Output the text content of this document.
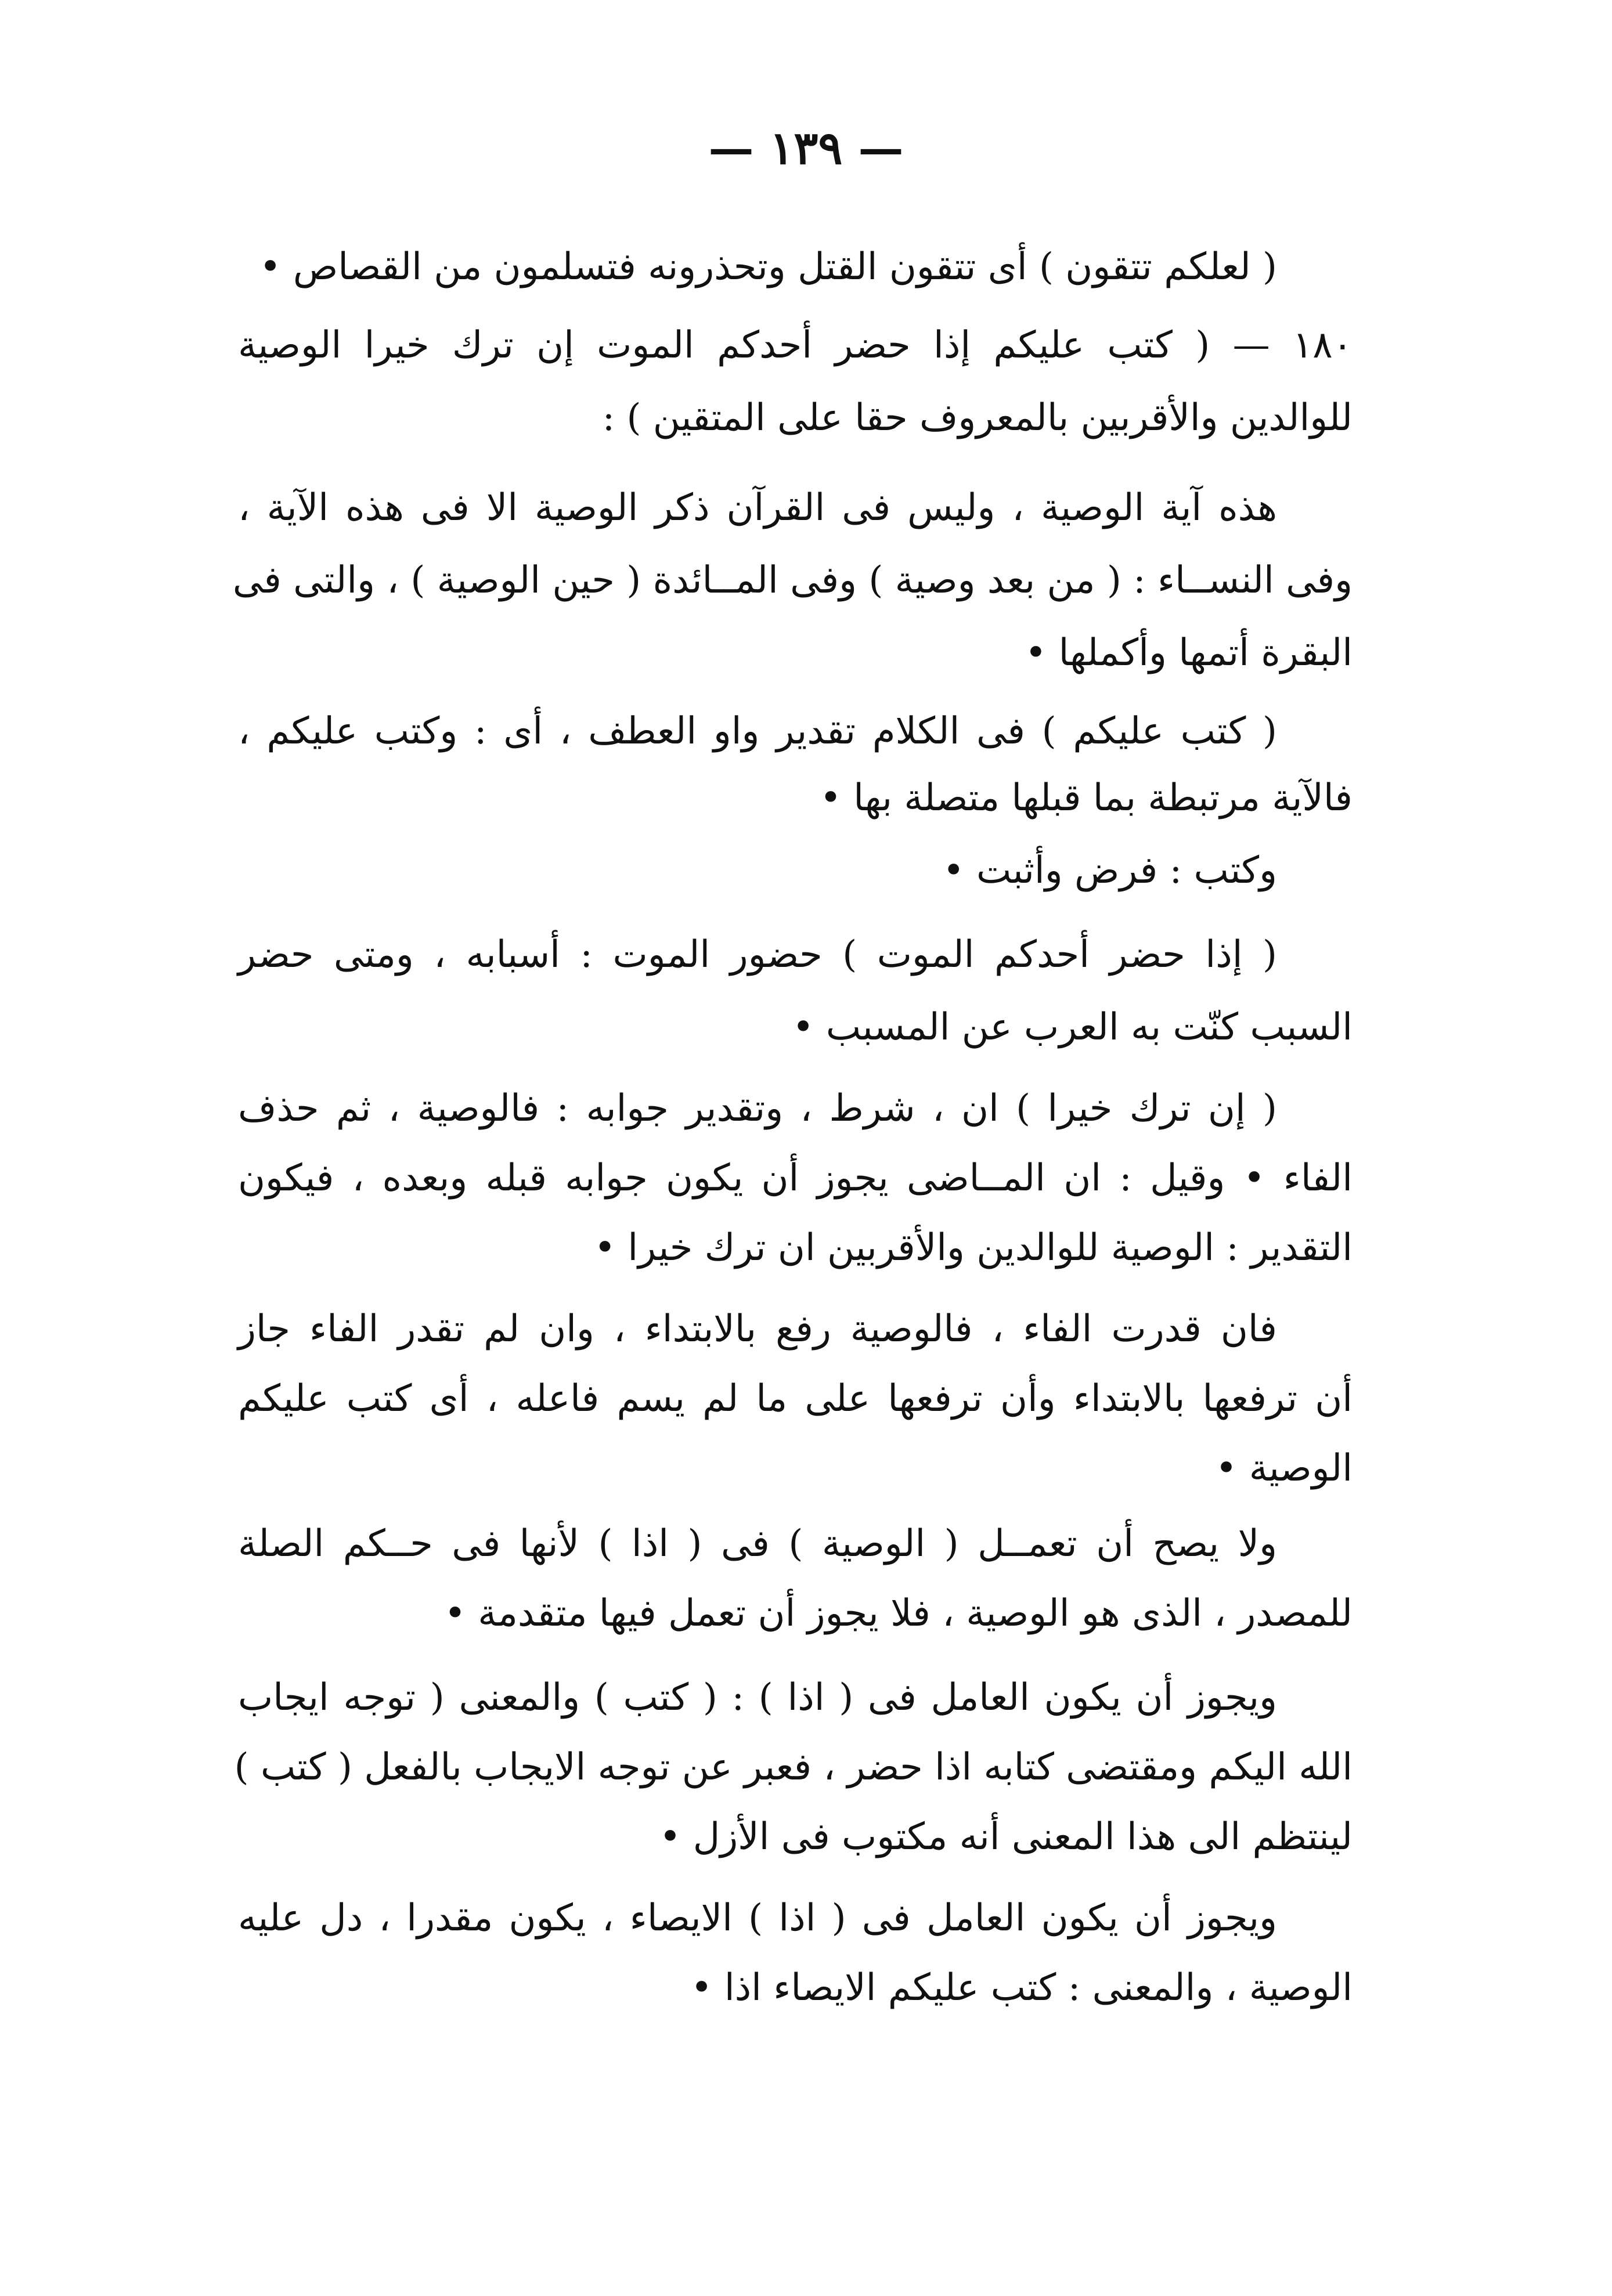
— ١٣٩ —
( لعلكم تتقون ) أى تتقون القتل وتحذرونه فتسلمون من القصاص •
١٨٠ — ( كتب عليكم إذا حضر أحدكم الموت إن ترك خيرا الوصية
للوالدين والأقربين بالمعروف حقا على المتقين ) :
هذه آية الوصية ، وليس فى القرآن ذكر الوصية الا فى هذه الآية ،
وفى النســاء : ( من بعد وصية ) وفى المــائدة ( حين الوصية ) ، والتى فى
البقرة أتمها وأكملها •
( كتب عليكم ) فى الكلام تقدير واو العطف ، أى : وكتب عليكم ،
فالآية مرتبطة بما قبلها متصلة بها •
وكتب : فرض وأثبت •
( إذا حضر أحدكم الموت ) حضور الموت : أسبابه ، ومتى حضر
السبب كنّت به العرب عن المسبب •
( إن ترك خيرا ) ان ، شرط ، وتقدير جوابه : فالوصية ، ثم حذف
الفاء • وقيل : ان المــاضى يجوز أن يكون جوابه قبله وبعده ، فيكون
التقدير : الوصية للوالدين والأقربين ان ترك خيرا •
فان قدرت الفاء ، فالوصية رفع بالابتداء ، وان لم تقدر الفاء جاز
أن ترفعها بالابتداء وأن ترفعها على ما لم يسم فاعله ، أى كتب عليكم
الوصية •
ولا يصح أن تعمــل ( الوصية ) فى ( اذا ) لأنها فى حــكم الصلة
للمصدر ، الذى هو الوصية ، فلا يجوز أن تعمل فيها متقدمة •
ويجوز أن يكون العامل فى ( اذا ) : ( كتب ) والمعنى ( توجه ايجاب
الله اليكم ومقتضى كتابه اذا حضر ، فعبر عن توجه الايجاب بالفعل ( كتب )
لينتظم الى هذا المعنى أنه مكتوب فى الأزل •
ويجوز أن يكون العامل فى ( اذا ) الايصاء ، يكون مقدرا ، دل عليه
الوصية ، والمعنى : كتب عليكم الايصاء اذا •
